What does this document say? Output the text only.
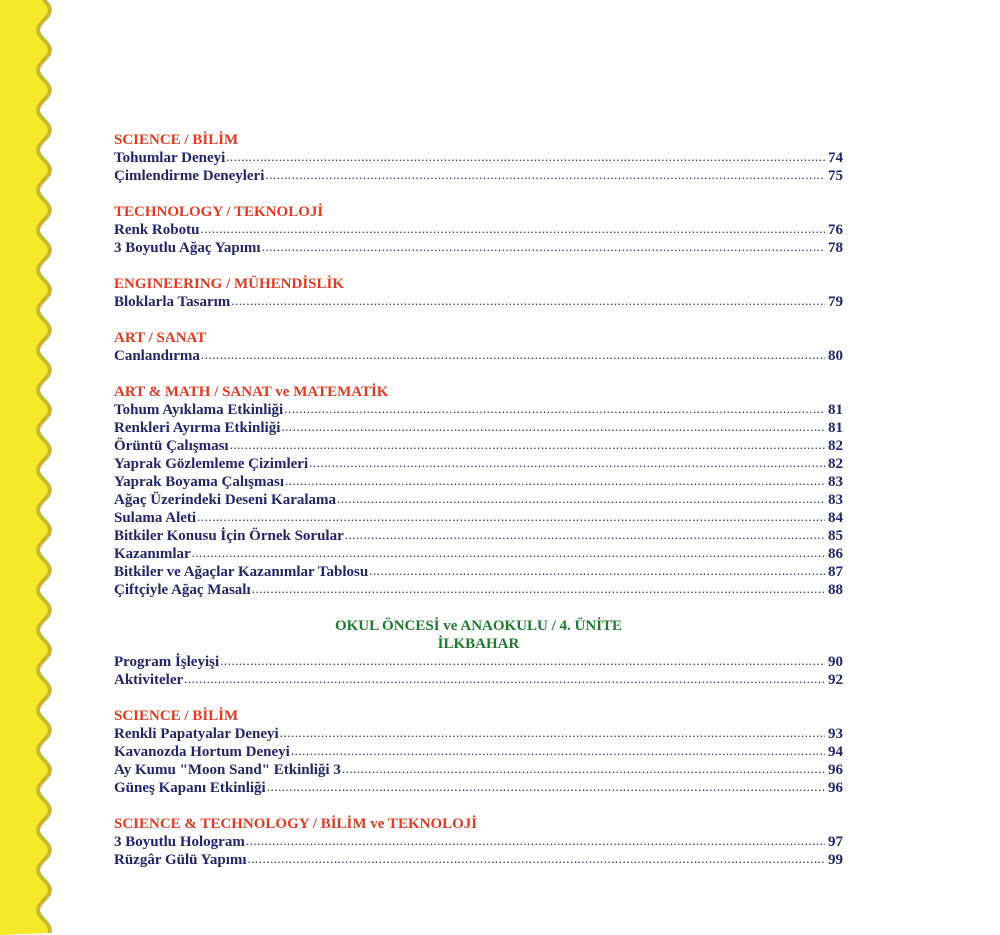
SCIENCE / BİLİM
Tohumlar Deneyi .....	74
Çimlendirme Deneyleri .....	75
TECHNOLOGY / TEKNOLOJİ
Renk Robotu .....	76
3 Boyutlu Ağaç Yapımı .....	78
ENGINEERING / MÜHENDİSLİK
Bloklarla Tasarım .....	79
ART / SANAT
Canlandırma .....	80
ART & MATH / SANAT ve MATEMATİK
Tohum Ayıklama Etkinliği .....	81
Renkleri Ayırma Etkinliği .....	81
Örüntü Çalışması .....	82
Yaprak Gözlemleme Çizimleri .....	82
Yaprak Boyama Çalışması .....	83
Ağaç Üzerindeki Deseni Karalama .....	83
Sulama Aleti .....	84
Bitkiler Konusu İçin Örnek Sorular .....	85
Kazanımlar .....	86
Bitkiler ve Ağaçlar Kazanımlar Tablosu .....	87
Çiftçiyle Ağaç Masalı .....	88
OKUL ÖNCESİ ve ANAOKULU / 4. ÜNİTE
İLKBAHAR
Program İşleyişi .....	90
Aktiviteler .....	92
SCIENCE / BİLİM
Renkli Papatyalar Deneyi .....	93
Kavanozda Hortum Deneyi .....	94
Ay Kumu "Moon Sand" Etkinliği 3 .....	96
Güneş Kapanı Etkinliği .....	96
SCIENCE & TECHNOLOGY / BİLİM ve TEKNOLOJİ
3 Boyutlu Hologram .....	97
Rüzgâr Gülü Yapımı .....	99
